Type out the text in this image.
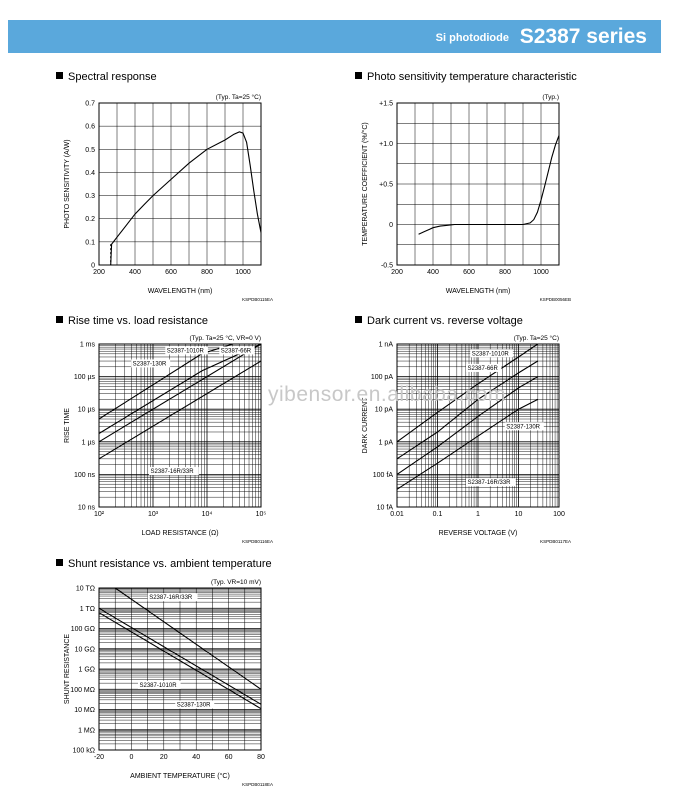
Si photodiode S2387 series
Spectral response	Photo sensitivity temperature characteristic
Rise time vs. load resistance	Dark current vs. reverse voltage
Shunt resistance vs. ambient temperature
200	400	600	800	1000
0
0.1
0.2
0.3
0.4
0.5
0.6
0.7
WAVELENGTH (nm)
PHOTO SENSITIVITY (A/W)
(Typ. Ta=25 °C)
KSPDB0115EA
200	400	600	800	1000
-0.5
0
+0.5
+1.0
+1.5
WAVELENGTH (nm)
TEMPERATURE COEFFICIENT (%/°C)
(Typ.)
KSPDB0056EB
10²	10³	10⁴	10⁵
10 ns
100 ns
1 µs
10 µs
100 µs
1 ms
LOAD RESISTANCE (Ω)
RISE TIME
(Typ. Ta=25 °C, VR=0 V)
KSPDB0116EA
S2387-1010R
S2387-130R
S2387-66R
S2387-16R/33R
0.01	0.1	1	10	100
10 fA
100 fA
1 pA
10 pA
100 pA
1 nA
REVERSE VOLTAGE (V)
DARK CURRENT
(Typ. Ta=25 °C)
KSPDB0117EA
S2387-1010R
S2387-66R
S2387-130R
S2387-16R/33R
-20	0	20	40	60	80
100 kΩ
1 MΩ
10 MΩ
100 MΩ
1 GΩ
10 GΩ
100 GΩ
1 TΩ
10 TΩ
AMBIENT TEMPERATURE (°C)
SHUNT RESISTANCE
(Typ. VR=10 mV)
KSPDB0118EA
S2387-16R/33R
S2387-1010R
S2387-130R
yibensor.en.alibaba.com
